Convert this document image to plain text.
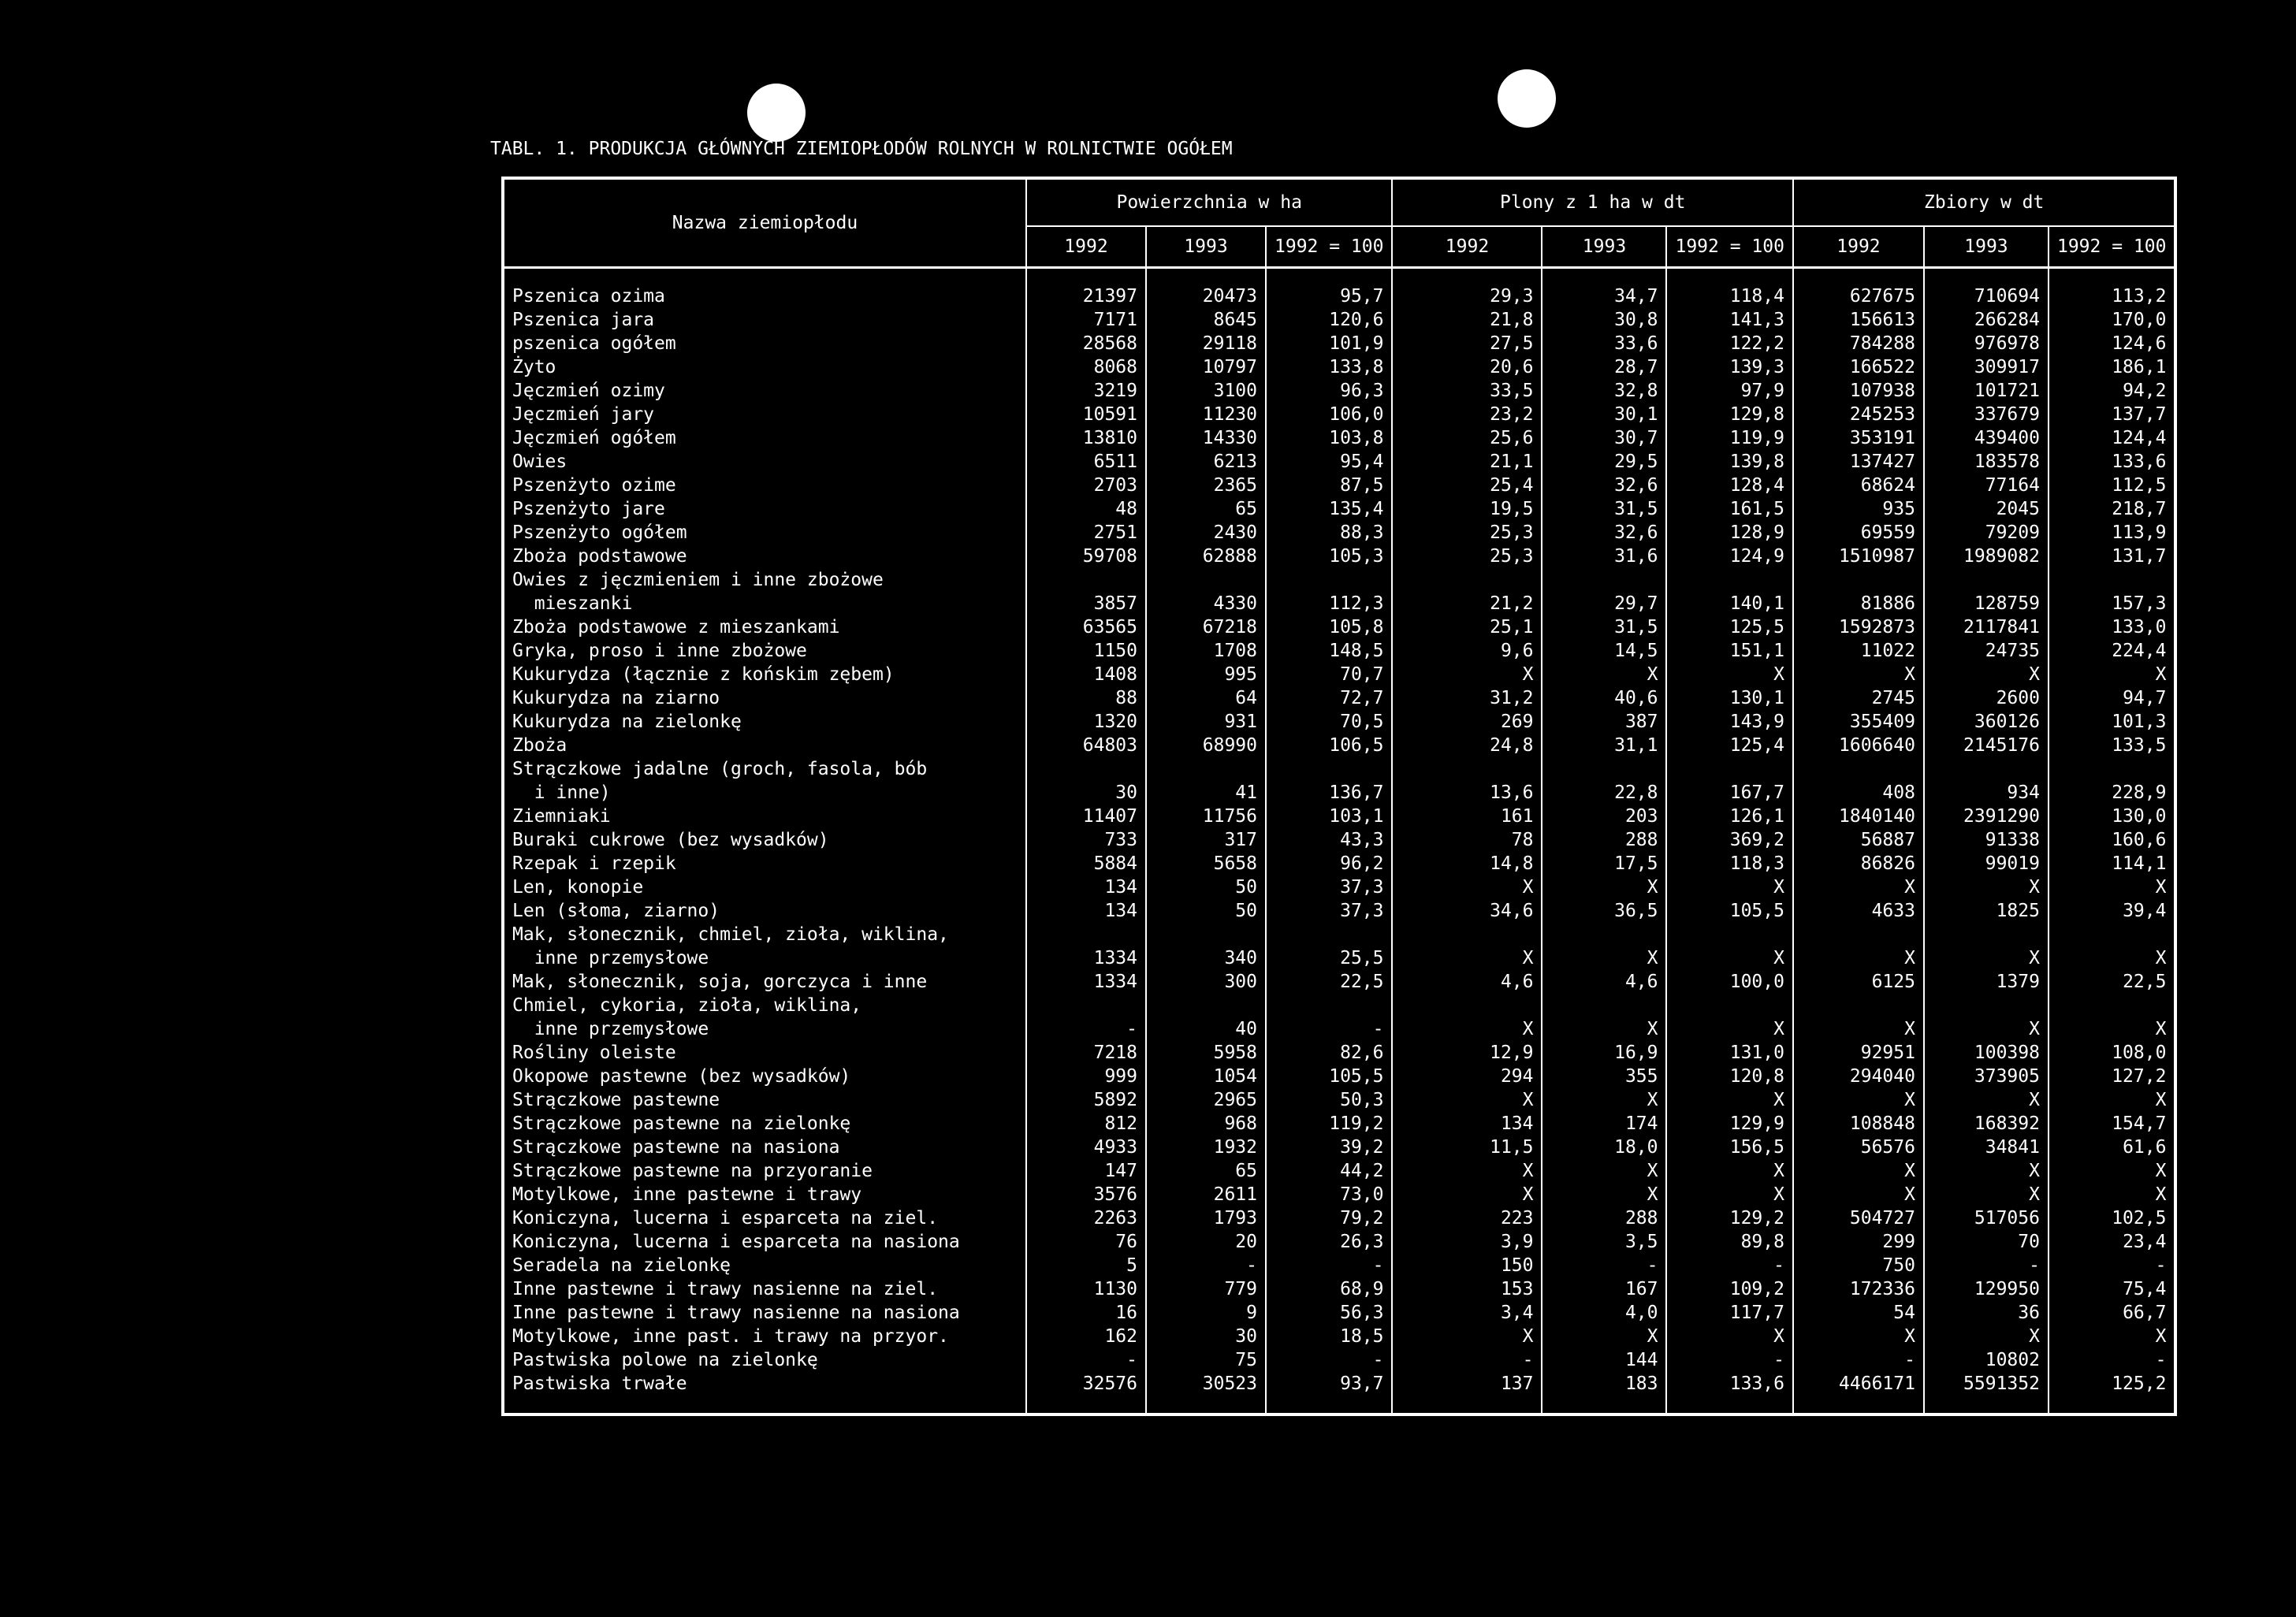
TABL. 1. PRODUKCJA GŁÓWNYCH ZIEMIOPŁODÓW ROLNYCH W ROLNICTWIE OGÓŁEM
Nazwa ziemiopłodu	Powierzchnia w ha			Plony z 1 ha w dt			Zbiory w dt		
	1992	1993	1992 = 100	1992	1993	1992 = 100	1992	1993	1992 = 100

Pszenica ozima	21397	20473	95,7	29,3	34,7	118,4	627675	710694	113,2
Pszenica jara	7171	8645	120,6	21,8	30,8	141,3	156613	266284	170,0
pszenica ogółem	28568	29118	101,9	27,5	33,6	122,2	784288	976978	124,6
Żyto	8068	10797	133,8	20,6	28,7	139,3	166522	309917	186,1
Jęczmień ozimy	3219	3100	96,3	33,5	32,8	97,9	107938	101721	94,2
Jęczmień jary	10591	11230	106,0	23,2	30,1	129,8	245253	337679	137,7
Jęczmień ogółem	13810	14330	103,8	25,6	30,7	119,9	353191	439400	124,4
Owies	6511	6213	95,4	21,1	29,5	139,8	137427	183578	133,6
Pszenżyto ozime	2703	2365	87,5	25,4	32,6	128,4	68624	77164	112,5
Pszenżyto jare	48	65	135,4	19,5	31,5	161,5	935	2045	218,7
Pszenżyto ogółem	2751	2430	88,3	25,3	32,6	128,9	69559	79209	113,9
Zboża podstawowe	59708	62888	105,3	25,3	31,6	124,9	1510987	1989082	131,7
Owies z jęczmieniem i inne zbożowe									
mieszanki	3857	4330	112,3	21,2	29,7	140,1	81886	128759	157,3
Zboża podstawowe z mieszankami	63565	67218	105,8	25,1	31,5	125,5	1592873	2117841	133,0
Gryka, proso i inne zbożowe	1150	1708	148,5	9,6	14,5	151,1	11022	24735	224,4
Kukurydza (łącznie z końskim zębem)	1408	995	70,7	X	X	X	X	X	X
Kukurydza na ziarno	88	64	72,7	31,2	40,6	130,1	2745	2600	94,7
Kukurydza na zielonkę	1320	931	70,5	269	387	143,9	355409	360126	101,3
Zboża	64803	68990	106,5	24,8	31,1	125,4	1606640	2145176	133,5
Strączkowe jadalne (groch, fasola, bób									
i inne)	30	41	136,7	13,6	22,8	167,7	408	934	228,9
Ziemniaki	11407	11756	103,1	161	203	126,1	1840140	2391290	130,0
Buraki cukrowe (bez wysadków)	733	317	43,3	78	288	369,2	56887	91338	160,6
Rzepak i rzepik	5884	5658	96,2	14,8	17,5	118,3	86826	99019	114,1
Len, konopie	134	50	37,3	X	X	X	X	X	X
Len (słoma, ziarno)	134	50	37,3	34,6	36,5	105,5	4633	1825	39,4
Mak, słonecznik, chmiel, zioła, wiklina,									
inne przemysłowe	1334	340	25,5	X	X	X	X	X	X
Mak, słonecznik, soja, gorczyca i inne	1334	300	22,5	4,6	4,6	100,0	6125	1379	22,5
Chmiel, cykoria, zioła, wiklina,									
inne przemysłowe	-	40	-	X	X	X	X	X	X
Rośliny oleiste	7218	5958	82,6	12,9	16,9	131,0	92951	100398	108,0
Okopowe pastewne (bez wysadków)	999	1054	105,5	294	355	120,8	294040	373905	127,2
Strączkowe pastewne	5892	2965	50,3	X	X	X	X	X	X
Strączkowe pastewne na zielonkę	812	968	119,2	134	174	129,9	108848	168392	154,7
Strączkowe pastewne na nasiona	4933	1932	39,2	11,5	18,0	156,5	56576	34841	61,6
Strączkowe pastewne na przyoranie	147	65	44,2	X	X	X	X	X	X
Motylkowe, inne pastewne i trawy	3576	2611	73,0	X	X	X	X	X	X
Koniczyna, lucerna i esparceta na ziel.	2263	1793	79,2	223	288	129,2	504727	517056	102,5
Koniczyna, lucerna i esparceta na nasiona	76	20	26,3	3,9	3,5	89,8	299	70	23,4
Seradela na zielonkę	5	-	-	150	-	-	750	-	-
Inne pastewne i trawy nasienne na ziel.	1130	779	68,9	153	167	109,2	172336	129950	75,4
Inne pastewne i trawy nasienne na nasiona	16	9	56,3	3,4	4,0	117,7	54	36	66,7
Motylkowe, inne past. i trawy na przyor.	162	30	18,5	X	X	X	X	X	X
Pastwiska polowe na zielonkę	-	75	-	-	144	-	-	10802	-
Pastwiska trwałe	32576	30523	93,7	137	183	133,6	4466171	5591352	125,2
